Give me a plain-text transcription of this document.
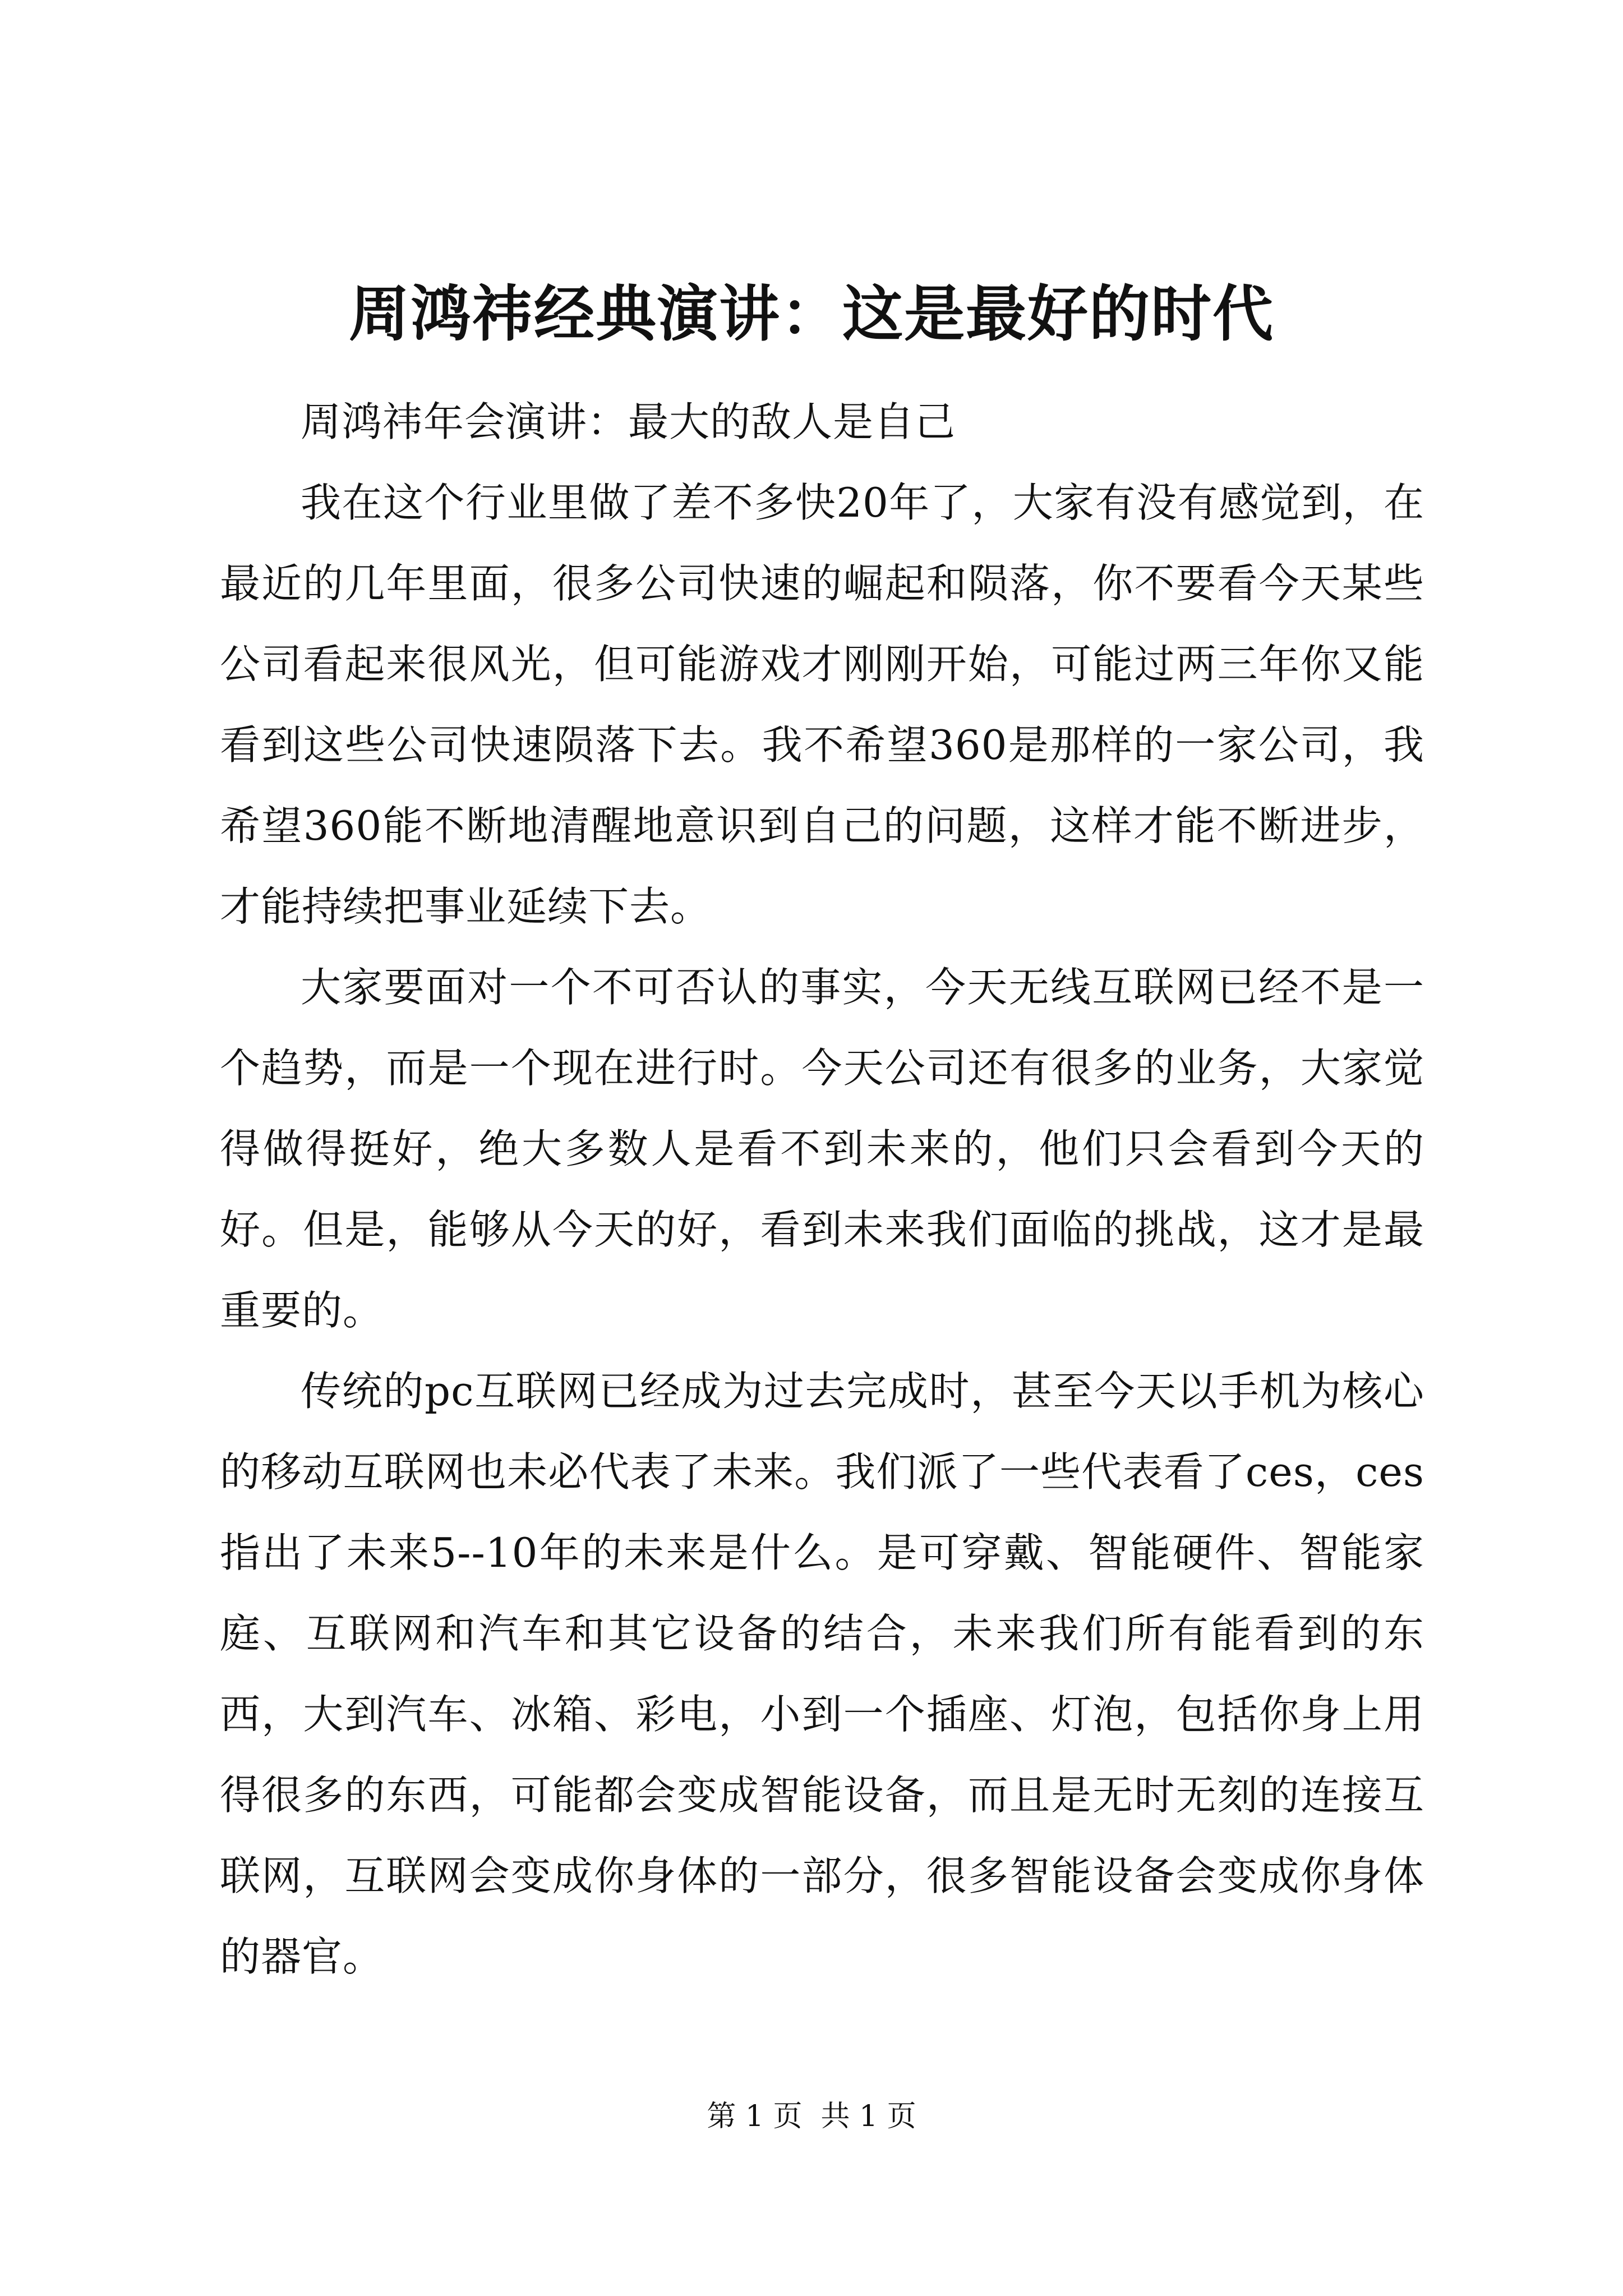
周鸿祎经典演讲：这是最好的时代

周鸿祎年会演讲：最大的敌人是自己

我在这个行业里做了差不多快20年了，大家有没有感觉到，在最近的几年里面，很多公司快速的崛起和陨落，你不要看今天某些公司看起来很风光，但可能游戏才刚刚开始，可能过两三年你又能看到这些公司快速陨落下去。我不希望360是那样的一家公司，我希望360能不断地清醒地意识到自己的问题，这样才能不断进步，才能持续把事业延续下去。

大家要面对一个不可否认的事实，今天无线互联网已经不是一个趋势，而是一个现在进行时。今天公司还有很多的业务，大家觉得做得挺好，绝大多数人是看不到未来的，他们只会看到今天的好。但是，能够从今天的好，看到未来我们面临的挑战，这才是最重要的。

传统的pc互联网已经成为过去完成时，甚至今天以手机为核心的移动互联网也未必代表了未来。我们派了一些代表看了ces，ces指出了未来5--10年的未来是什么。是可穿戴、智能硬件、智能家庭、互联网和汽车和其它设备的结合，未来我们所有能看到的东西，大到汽车、冰箱、彩电，小到一个插座、灯泡，包括你身上用得很多的东西，可能都会变成智能设备，而且是无时无刻的连接互联网，互联网会变成你身体的一部分，很多智能设备会变成你身体的器官。

第 1 页  共 1 页
